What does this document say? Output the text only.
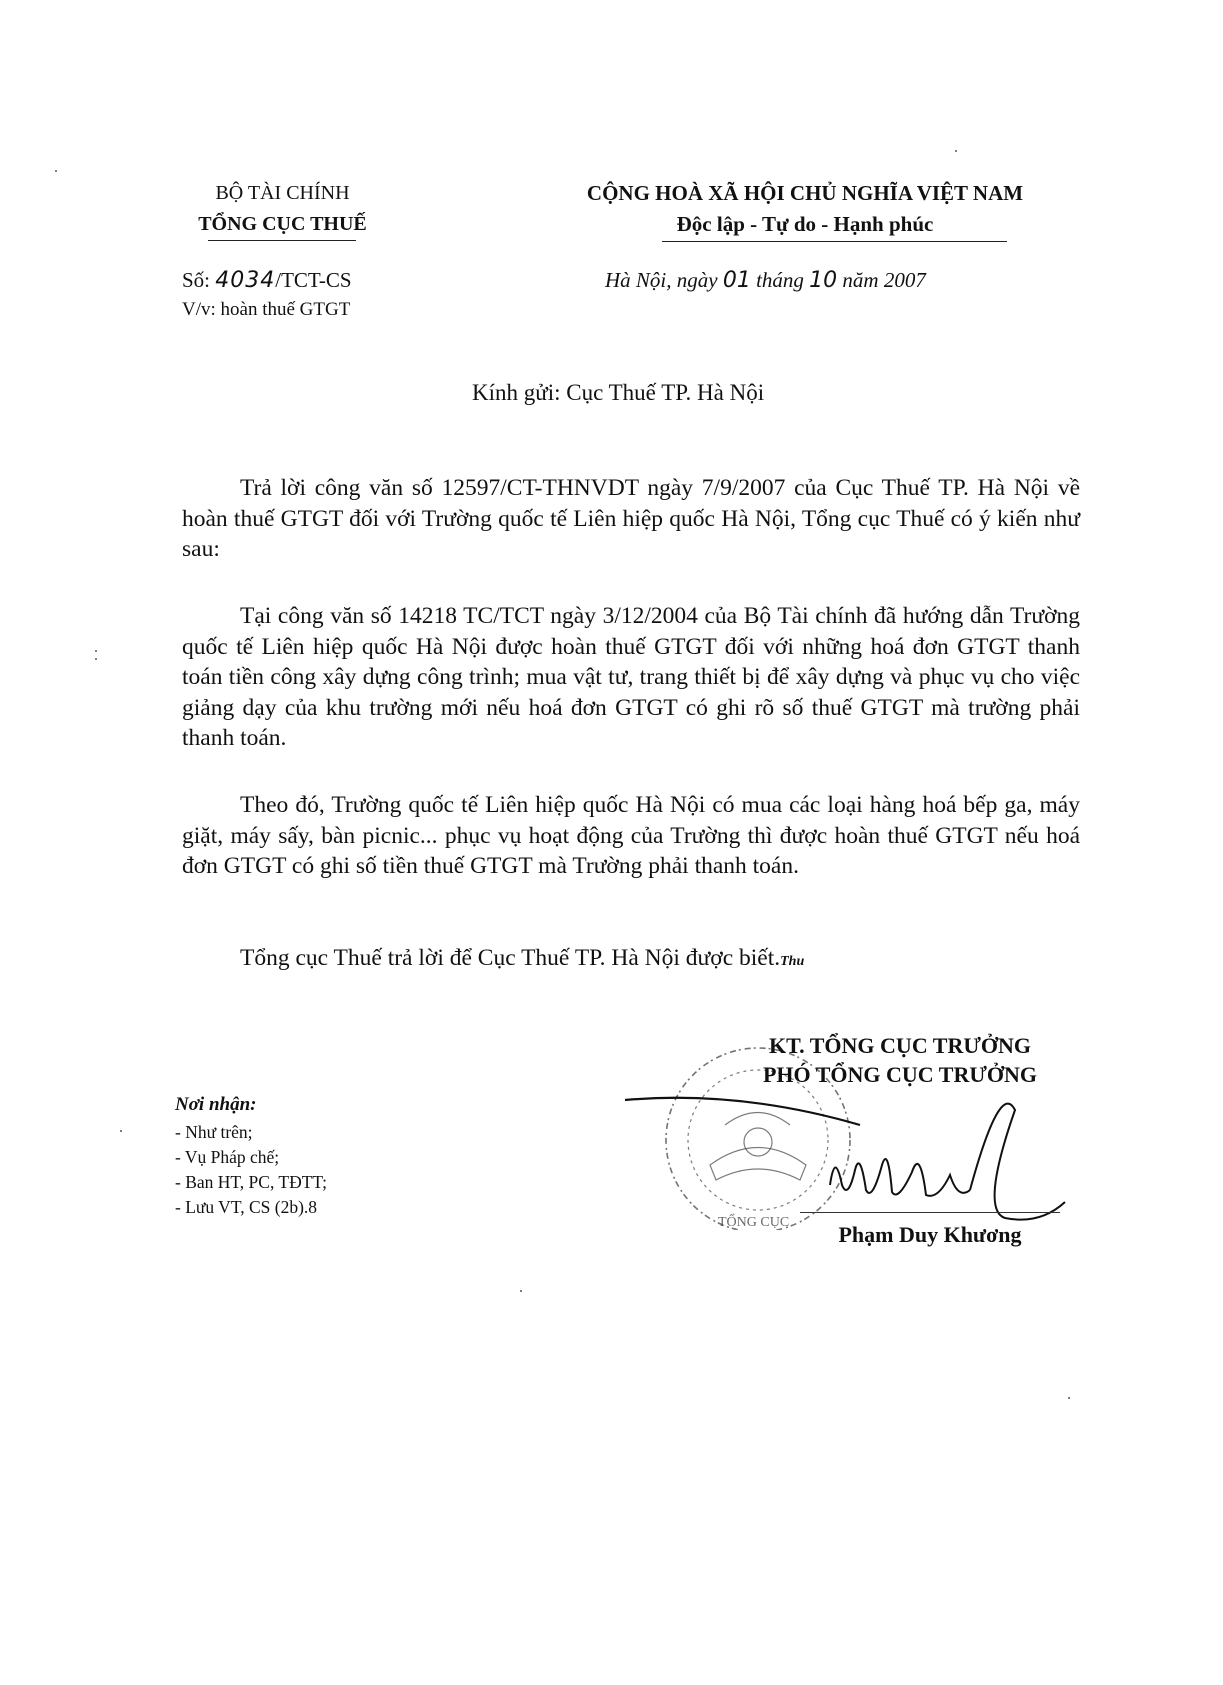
BỘ TÀI CHÍNH
TỔNG CỤC THUẾ
CỘNG HOÀ XÃ HỘI CHỦ NGHĨA VIỆT NAM
Độc lập - Tự do - Hạnh phúc
Số: 4034/TCT-CS
V/v: hoàn thuế GTGT
Hà Nội, ngày 01 tháng 10 năm 2007
Kính gửi: Cục Thuế TP. Hà Nội

Trả lời công văn số 12597/CT-THNVDT ngày 7/9/2007 của Cục Thuế TP. Hà Nội về hoàn thuế GTGT đối với Trường quốc tế Liên hiệp quốc Hà Nội, Tổng cục Thuế có ý kiến như sau:

Tại công văn số 14218 TC/TCT ngày 3/12/2004 của Bộ Tài chính đã hướng dẫn Trường quốc tế Liên hiệp quốc Hà Nội được hoàn thuế GTGT đối với những hoá đơn GTGT thanh toán tiền công xây dựng công trình; mua vật tư, trang thiết bị để xây dựng và phục vụ cho việc giảng dạy của khu trường mới nếu hoá đơn GTGT có ghi rõ số thuế GTGT mà trường phải thanh toán.

Theo đó, Trường quốc tế Liên hiệp quốc Hà Nội có mua các loại hàng hoá bếp ga, máy giặt, máy sấy, bàn picnic... phục vụ hoạt động của Trường thì được hoàn thuế GTGT nếu hoá đơn GTGT có ghi số tiền thuế GTGT mà Trường phải thanh toán.

Tổng cục Thuế trả lời để Cục Thuế TP. Hà Nội được biết.Thu

Nơi nhận:
- Như trên;
- Vụ Pháp chế;
- Ban HT, PC, TĐTT;
- Lưu VT, CS (2b).8
TỔNG CỤC
KT. TỔNG CỤC TRƯỞNG
PHÓ TỔNG CỤC TRƯỞNG
Phạm Duy Khương
